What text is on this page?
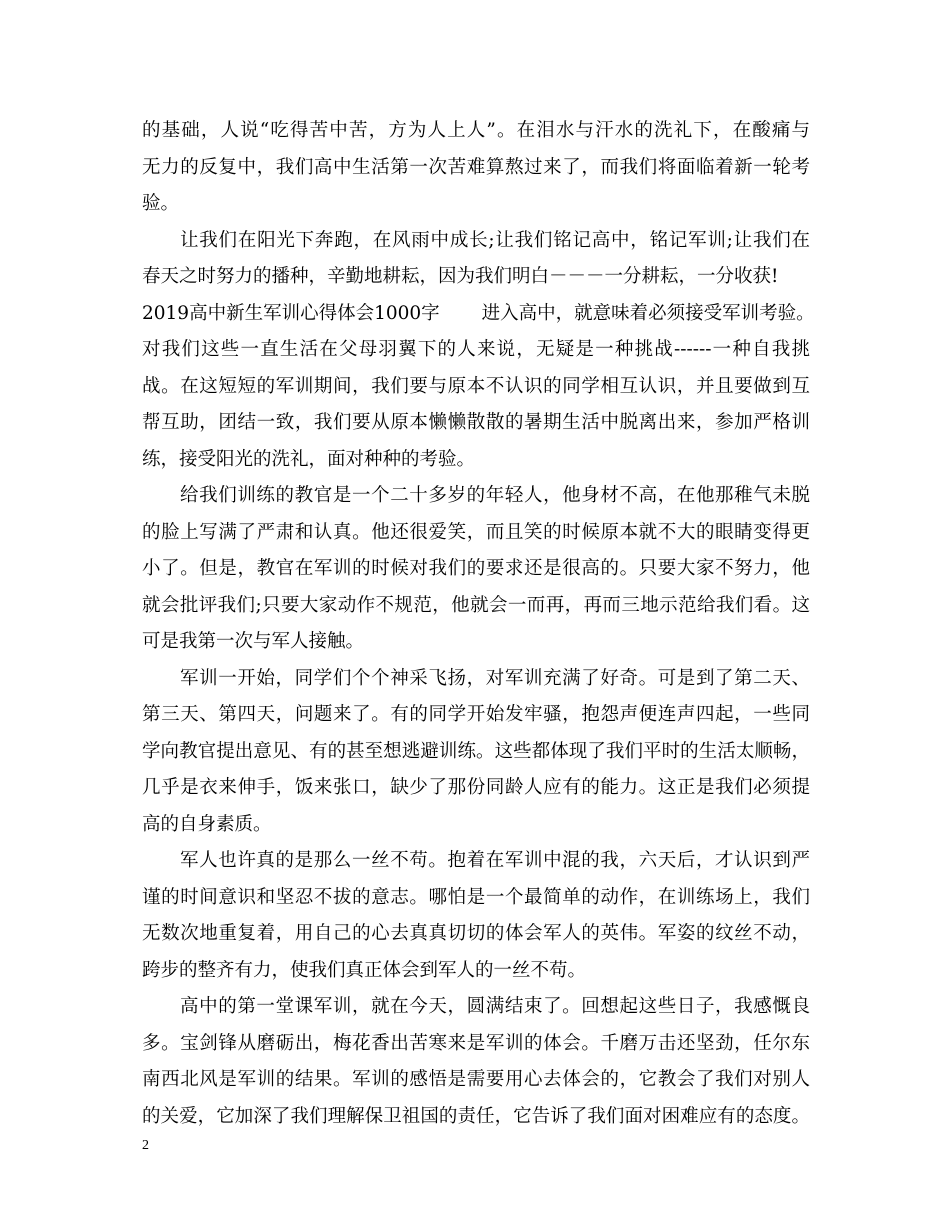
的基础，人说“吃得苦中苦，方为人上人”。在泪水与汗水的洗礼下，在酸痛与
无力的反复中，我们高中生活第一次苦难算熬过来了，而我们将面临着新一轮考
验。
让我们在阳光下奔跑，在风雨中成长;让我们铭记高中，铭记军训;让我们在
春天之时努力的播种，辛勤地耕耘，因为我们明白－－－一分耕耘，一分收获!
2019高中新生军训心得体会1000字 进入高中，就意味着必须接受军训考验。
对我们这些一直生活在父母羽翼下的人来说，无疑是一种挑战------一种自我挑
战。在这短短的军训期间，我们要与原本不认识的同学相互认识，并且要做到互
帮互助，团结一致，我们要从原本懒懒散散的暑期生活中脱离出来，参加严格训
练，接受阳光的洗礼，面对种种的考验。
给我们训练的教官是一个二十多岁的年轻人，他身材不高，在他那稚气未脱
的脸上写满了严肃和认真。他还很爱笑，而且笑的时候原本就不大的眼睛变得更
小了。但是，教官在军训的时候对我们的要求还是很高的。只要大家不努力，他
就会批评我们;只要大家动作不规范，他就会一而再，再而三地示范给我们看。这
可是我第一次与军人接触。
军训一开始，同学们个个神采飞扬，对军训充满了好奇。可是到了第二天、
第三天、第四天，问题来了。有的同学开始发牢骚，抱怨声便连声四起，一些同
学向教官提出意见、有的甚至想逃避训练。这些都体现了我们平时的生活太顺畅，
几乎是衣来伸手，饭来张口，缺少了那份同龄人应有的能力。这正是我们必须提
高的自身素质。
军人也许真的是那么一丝不苟。抱着在军训中混的我，六天后，才认识到严
谨的时间意识和坚忍不拔的意志。哪怕是一个最简单的动作，在训练场上，我们
无数次地重复着，用自己的心去真真切切的体会军人的英伟。军姿的纹丝不动，
跨步的整齐有力，使我们真正体会到军人的一丝不苟。
高中的第一堂课军训，就在今天，圆满结束了。回想起这些日子，我感慨良
多。宝剑锋从磨砺出，梅花香出苦寒来是军训的体会。千磨万击还坚劲，任尔东
南西北风是军训的结果。军训的感悟是需要用心去体会的，它教会了我们对别人
的关爱，它加深了我们理解保卫祖国的责任，它告诉了我们面对困难应有的态度。
2
